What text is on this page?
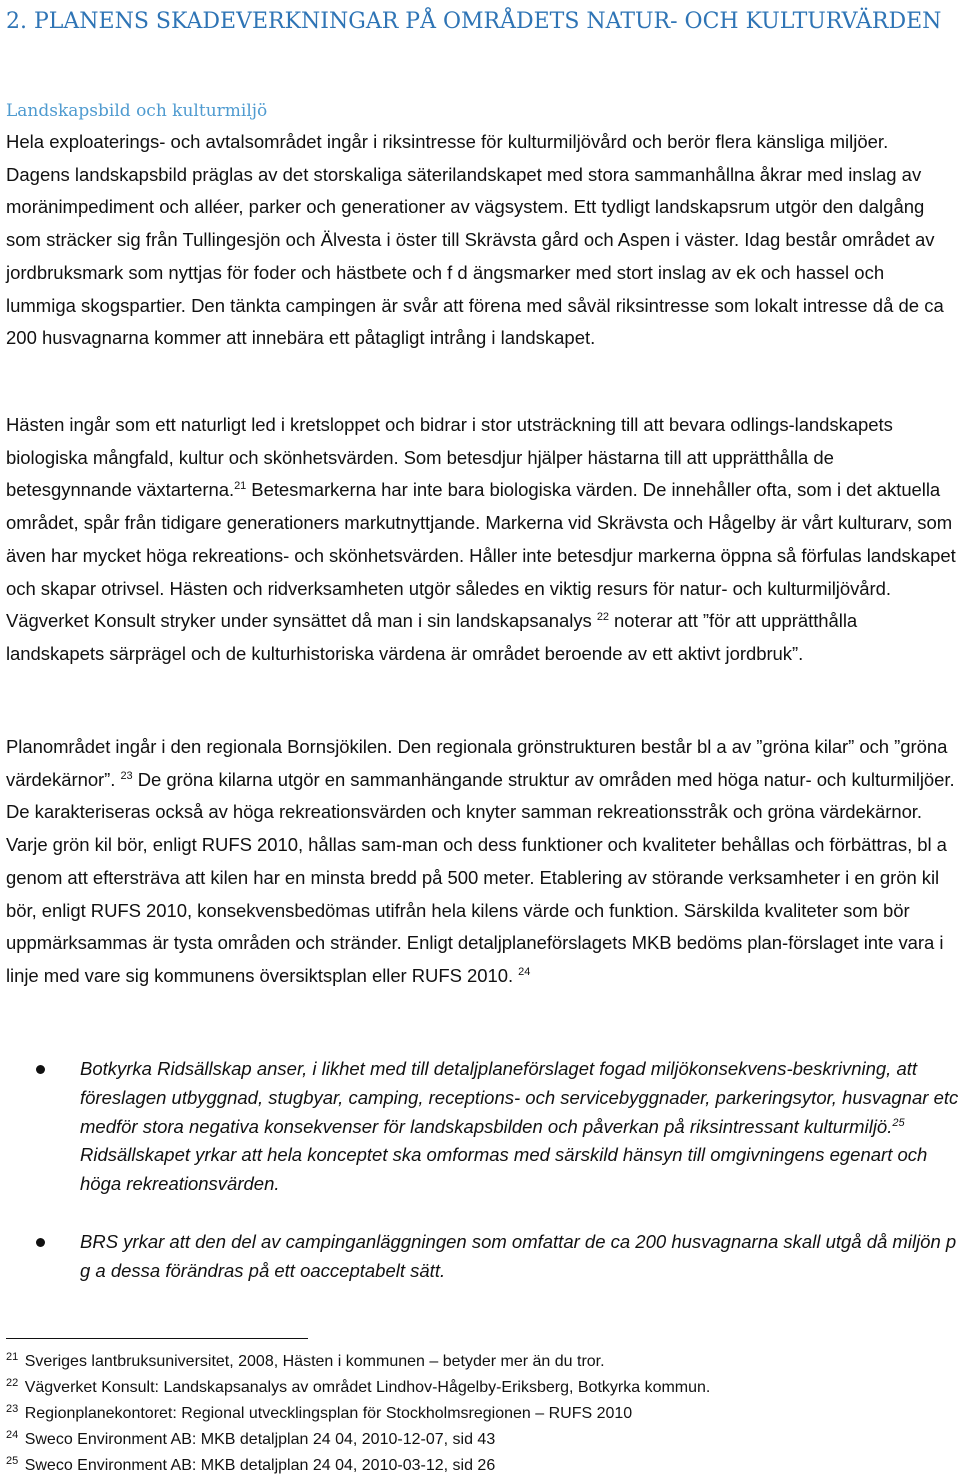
2. PLANENS SKADEVERKNINGAR PÅ OMRÅDETS NATUR- OCH KULTURVÄRDEN
Landskapsbild och kulturmiljö

Hela exploaterings- och avtalsområdet ingår i riksintresse för kulturmiljövård och berör flera känsliga miljöer. Dagens landskapsbild präglas av det storskaliga säterilandskapet med stora sammanhållna åkrar med inslag av moränimpediment och alléer, parker och generationer av vägsystem. Ett tydligt landskapsrum utgör den dalgång som sträcker sig från Tullingesjön och Älvesta i öster till Skrävsta gård och Aspen i väster. Idag består området av jordbruksmark som nyttjas för foder och hästbete och f d ängsmarker med stort inslag av ek och hassel och lummiga skogspartier. Den tänkta campingen är svår att förena med såväl riksintresse som lokalt intresse då de ca 200 husvagnarna kommer att innebära ett påtagligt intrång i landskapet.

Hästen ingår som ett naturligt led i kretsloppet och bidrar i stor utsträckning till att bevara odlings-landskapets biologiska mångfald, kultur och skönhetsvärden. Som betesdjur hjälper hästarna till att upprätthålla de betesgynnande växtarterna.$^{21}$ Betesmarkerna har inte bara biologiska värden. De innehåller ofta, som i det aktuella området, spår från tidigare generationers markutnyttjande. Markerna vid Skrävsta och Hågelby är vårt kulturarv, som även har mycket höga rekreations- och skönhetsvärden. Håller inte betesdjur markerna öppna så förfulas landskapet och skapar otrivsel. Hästen och ridverksamheten utgör således en viktig resurs för natur- och kulturmiljövård. Vägverket Konsult stryker under synsättet då man i sin landskapsanalys $^{22}$ noterar att ”för att upprätthålla landskapets särprägel och de kulturhistoriska värdena är området beroende av ett aktivt jordbruk”.

Planområdet ingår i den regionala Bornsjökilen. Den regionala grönstrukturen består bl a av ”gröna kilar” och ”gröna värdekärnor”. $^{23}$ De gröna kilarna utgör en sammanhängande struktur av områden med höga natur- och kulturmiljöer. De karakteriseras också av höga rekreationsvärden och knyter samman rekreationsstråk och gröna värdekärnor. Varje grön kil bör, enligt RUFS 2010, hållas sam-man och dess funktioner och kvaliteter behållas och förbättras, bl a genom att eftersträva att kilen har en minsta bredd på 500 meter. Etablering av störande verksamheter i en grön kil bör, enligt RUFS 2010, konsekvensbedömas utifrån hela kilens värde och funktion. Särskilda kvaliteter som bör uppmärksammas är tysta områden och stränder. Enligt detaljplaneförslagets MKB bedöms plan-förslaget inte vara i linje med vare sig kommunens översiktsplan eller RUFS 2010. $^{24}$

Botkyrka Ridsällskap anser, i likhet med till detaljplaneförslaget fogad miljökonsekvens-beskrivning, att föreslagen utbyggnad, stugbyar, camping, receptions- och servicebyggnader, parkeringsytor, husvagnar etc medför stora negativa konsekvenser för landskapsbilden och påverkan på riksintressant kulturmiljö.$^{25}$ Ridsällskapet yrkar att hela konceptet ska omformas med särskild hänsyn till omgivningens egenart och höga rekreationsvärden.

BRS yrkar att den del av campinganläggningen som omfattar de ca 200 husvagnarna skall utgå då miljön p g a dessa förändras på ett oacceptabelt sätt.

$^{21}$ Sveriges lantbruksuniversitet, 2008, Hästen i kommunen – betyder mer än du tror.

$^{22}$ Vägverket Konsult: Landskapsanalys av området Lindhov-Hågelby-Eriksberg, Botkyrka kommun.

$^{23}$ Regionplanekontoret: Regional utvecklingsplan för Stockholmsregionen – RUFS 2010

$^{24}$ Sweco Environment AB: MKB detaljplan 24 04, 2010-12-07, sid 43

$^{25}$ Sweco Environment AB: MKB detaljplan 24 04, 2010-03-12, sid 26
